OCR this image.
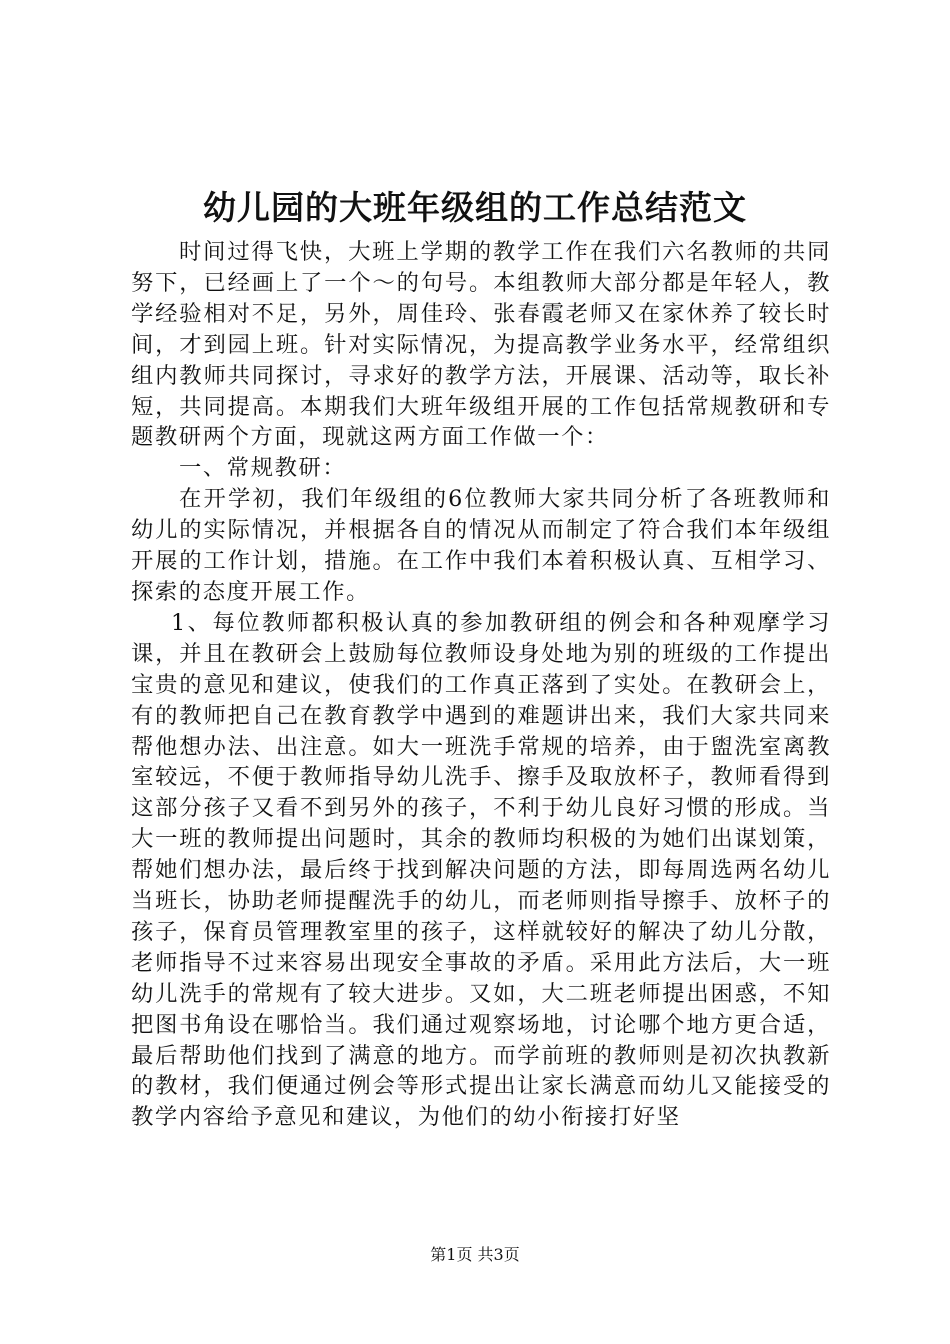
幼儿园的大班年级组的工作总结范文

时间过得飞快，大班上学期的教学工作在我们六名教师的共同努下，已经画上了一个～的句号。本组教师大部分都是年轻人，教学经验相对不足，另外，周佳玲、张春霞老师又在家休养了较长时间，才到园上班。针对实际情况，为提高教学业务水平，经常组织组内教师共同探讨，寻求好的教学方法，开展课、活动等，取长补短，共同提高。本期我们大班年级组开展的工作包括常规教研和专题教研两个方面，现就这两方面工作做一个：

一、常规教研：

在开学初，我们年级组的6位教师大家共同分析了各班教师和幼儿的实际情况，并根据各自的情况从而制定了符合我们本年级组开展的工作计划，措施。在工作中我们本着积极认真、互相学习、探索的态度开展工作。

1、每位教师都积极认真的参加教研组的例会和各种观摩学习课，并且在教研会上鼓励每位教师设身处地为别的班级的工作提出宝贵的意见和建议，使我们的工作真正落到了实处。在教研会上，有的教师把自己在教育教学中遇到的难题讲出来，我们大家共同来帮他想办法、出注意。如大一班洗手常规的培养，由于盥洗室离教室较远，不便于教师指导幼儿洗手、擦手及取放杯子，教师看得到这部分孩子又看不到另外的孩子，不利于幼儿良好习惯的形成。当大一班的教师提出问题时，其余的教师均积极的为她们出谋划策，帮她们想办法，最后终于找到解决问题的方法，即每周选两名幼儿当班长，协助老师提醒洗手的幼儿，而老师则指导擦手、放杯子的孩子，保育员管理教室里的孩子，这样就较好的解决了幼儿分散，老师指导不过来容易出现安全事故的矛盾。采用此方法后，大一班幼儿洗手的常规有了较大进步。又如，大二班老师提出困惑，不知把图书角设在哪恰当。我们通过观察场地，讨论哪个地方更合适，最后帮助他们找到了满意的地方。而学前班的教师则是初次执教新的教材，我们便通过例会等形式提出让家长满意而幼儿又能接受的教学内容给予意见和建议，为他们的幼小衔接打好坚

第1页 共3页
